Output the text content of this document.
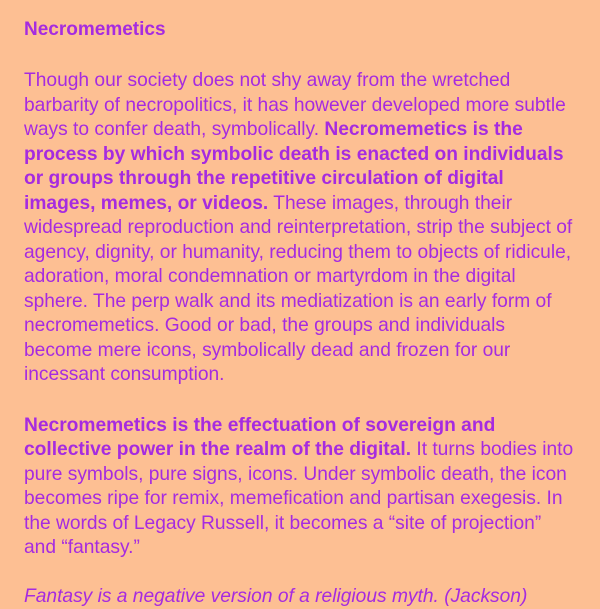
Necromemetics

Though our society does not shy away from the wretched barbarity of necropolitics, it has however developed more subtle ways to confer death, symbolically. Necromemetics is the process by which symbolic death is enacted on individuals or groups through the repetitive circulation of digital images, memes, or videos. These images, through their widespread reproduction and reinterpretation, strip the subject of agency, dignity, or humanity, reducing them to objects of ridicule, adoration, moral condemnation or martyrdom in the digital sphere. The perp walk and its mediatization is an early form of necromemetics. Good or bad, the groups and individuals become mere icons, symbolically dead and frozen for our incessant consumption.

Necromemetics is the effectuation of sovereign and collective power in the realm of the digital. It turns bodies into pure symbols, pure signs, icons. Under symbolic death, the icon becomes ripe for remix, memefication and partisan exegesis. In the words of Legacy Russell, it becomes a “site of projection” and “fantasy.”

Fantasy is a negative version of a religious myth. (Jackson)
